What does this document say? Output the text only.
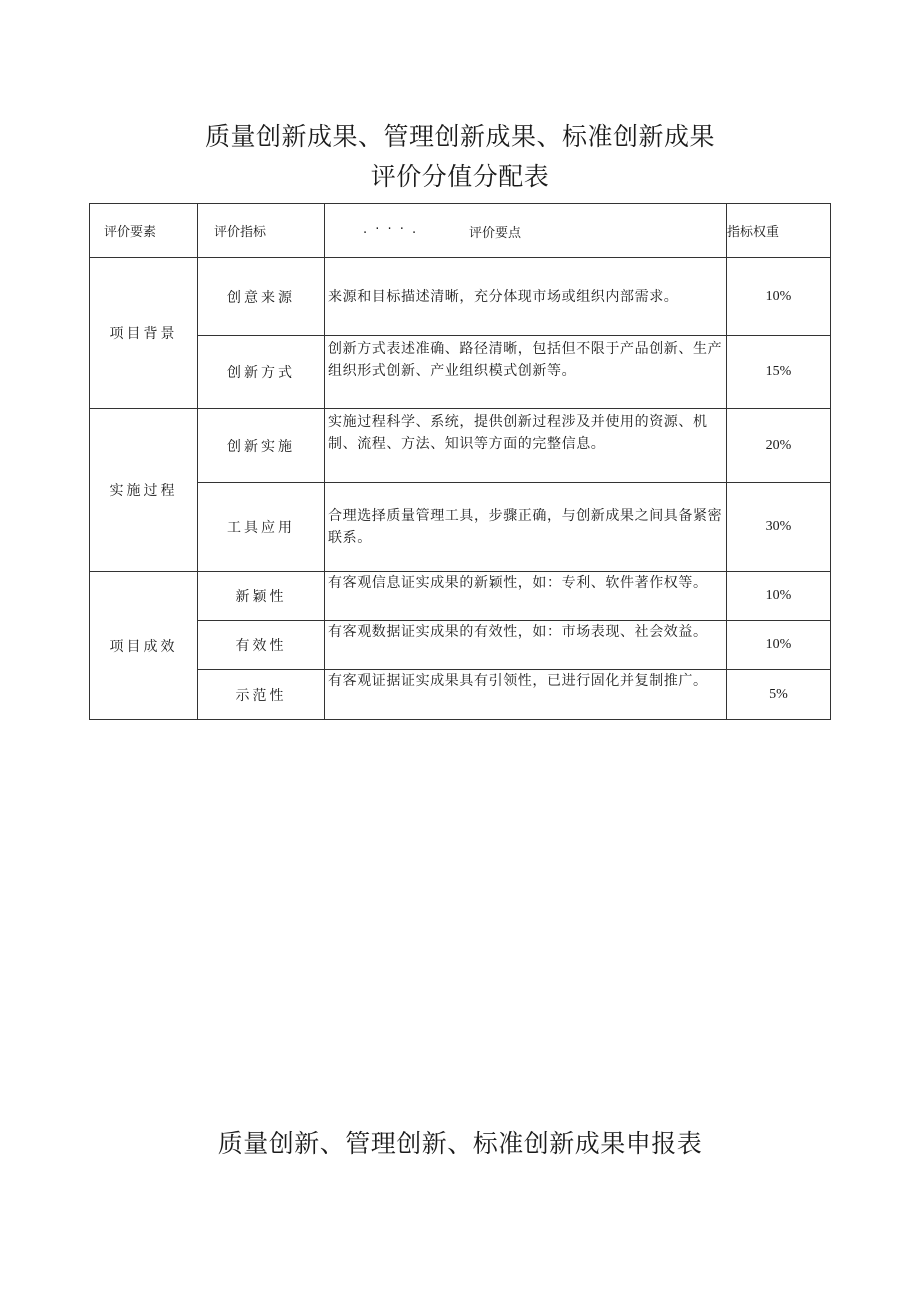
质量创新成果、管理创新成果、标准创新成果
评价分值分配表
评价要素	评价指标	. · · · . 评价要点	指标权重
项目背景	创意来源	来源和目标描述清晰，充分体现市场或组织内部需求。	10%
	创新方式	创新方式表述准确、路径清晰，包括但不限于产品创新、生产组织形式创新、产业组织模式创新等。	15%
实施过程	创新实施	实施过程科学、系统，提供创新过程涉及并使用的资源、机制、流程、方法、知识等方面的完整信息。	20%
	工具应用	合理选择质量管理工具，步骤正确，与创新成果之间具备紧密联系。	30%
项目成效	新颖性	有客观信息证实成果的新颖性，如：专利、软件著作权等。	10%
	有效性	有客观数据证实成果的有效性，如：市场表现、社会效益。	10%
	示范性	有客观证据证实成果具有引领性，已进行固化并复制推广。	5%
质量创新、管理创新、标准创新成果申报表
